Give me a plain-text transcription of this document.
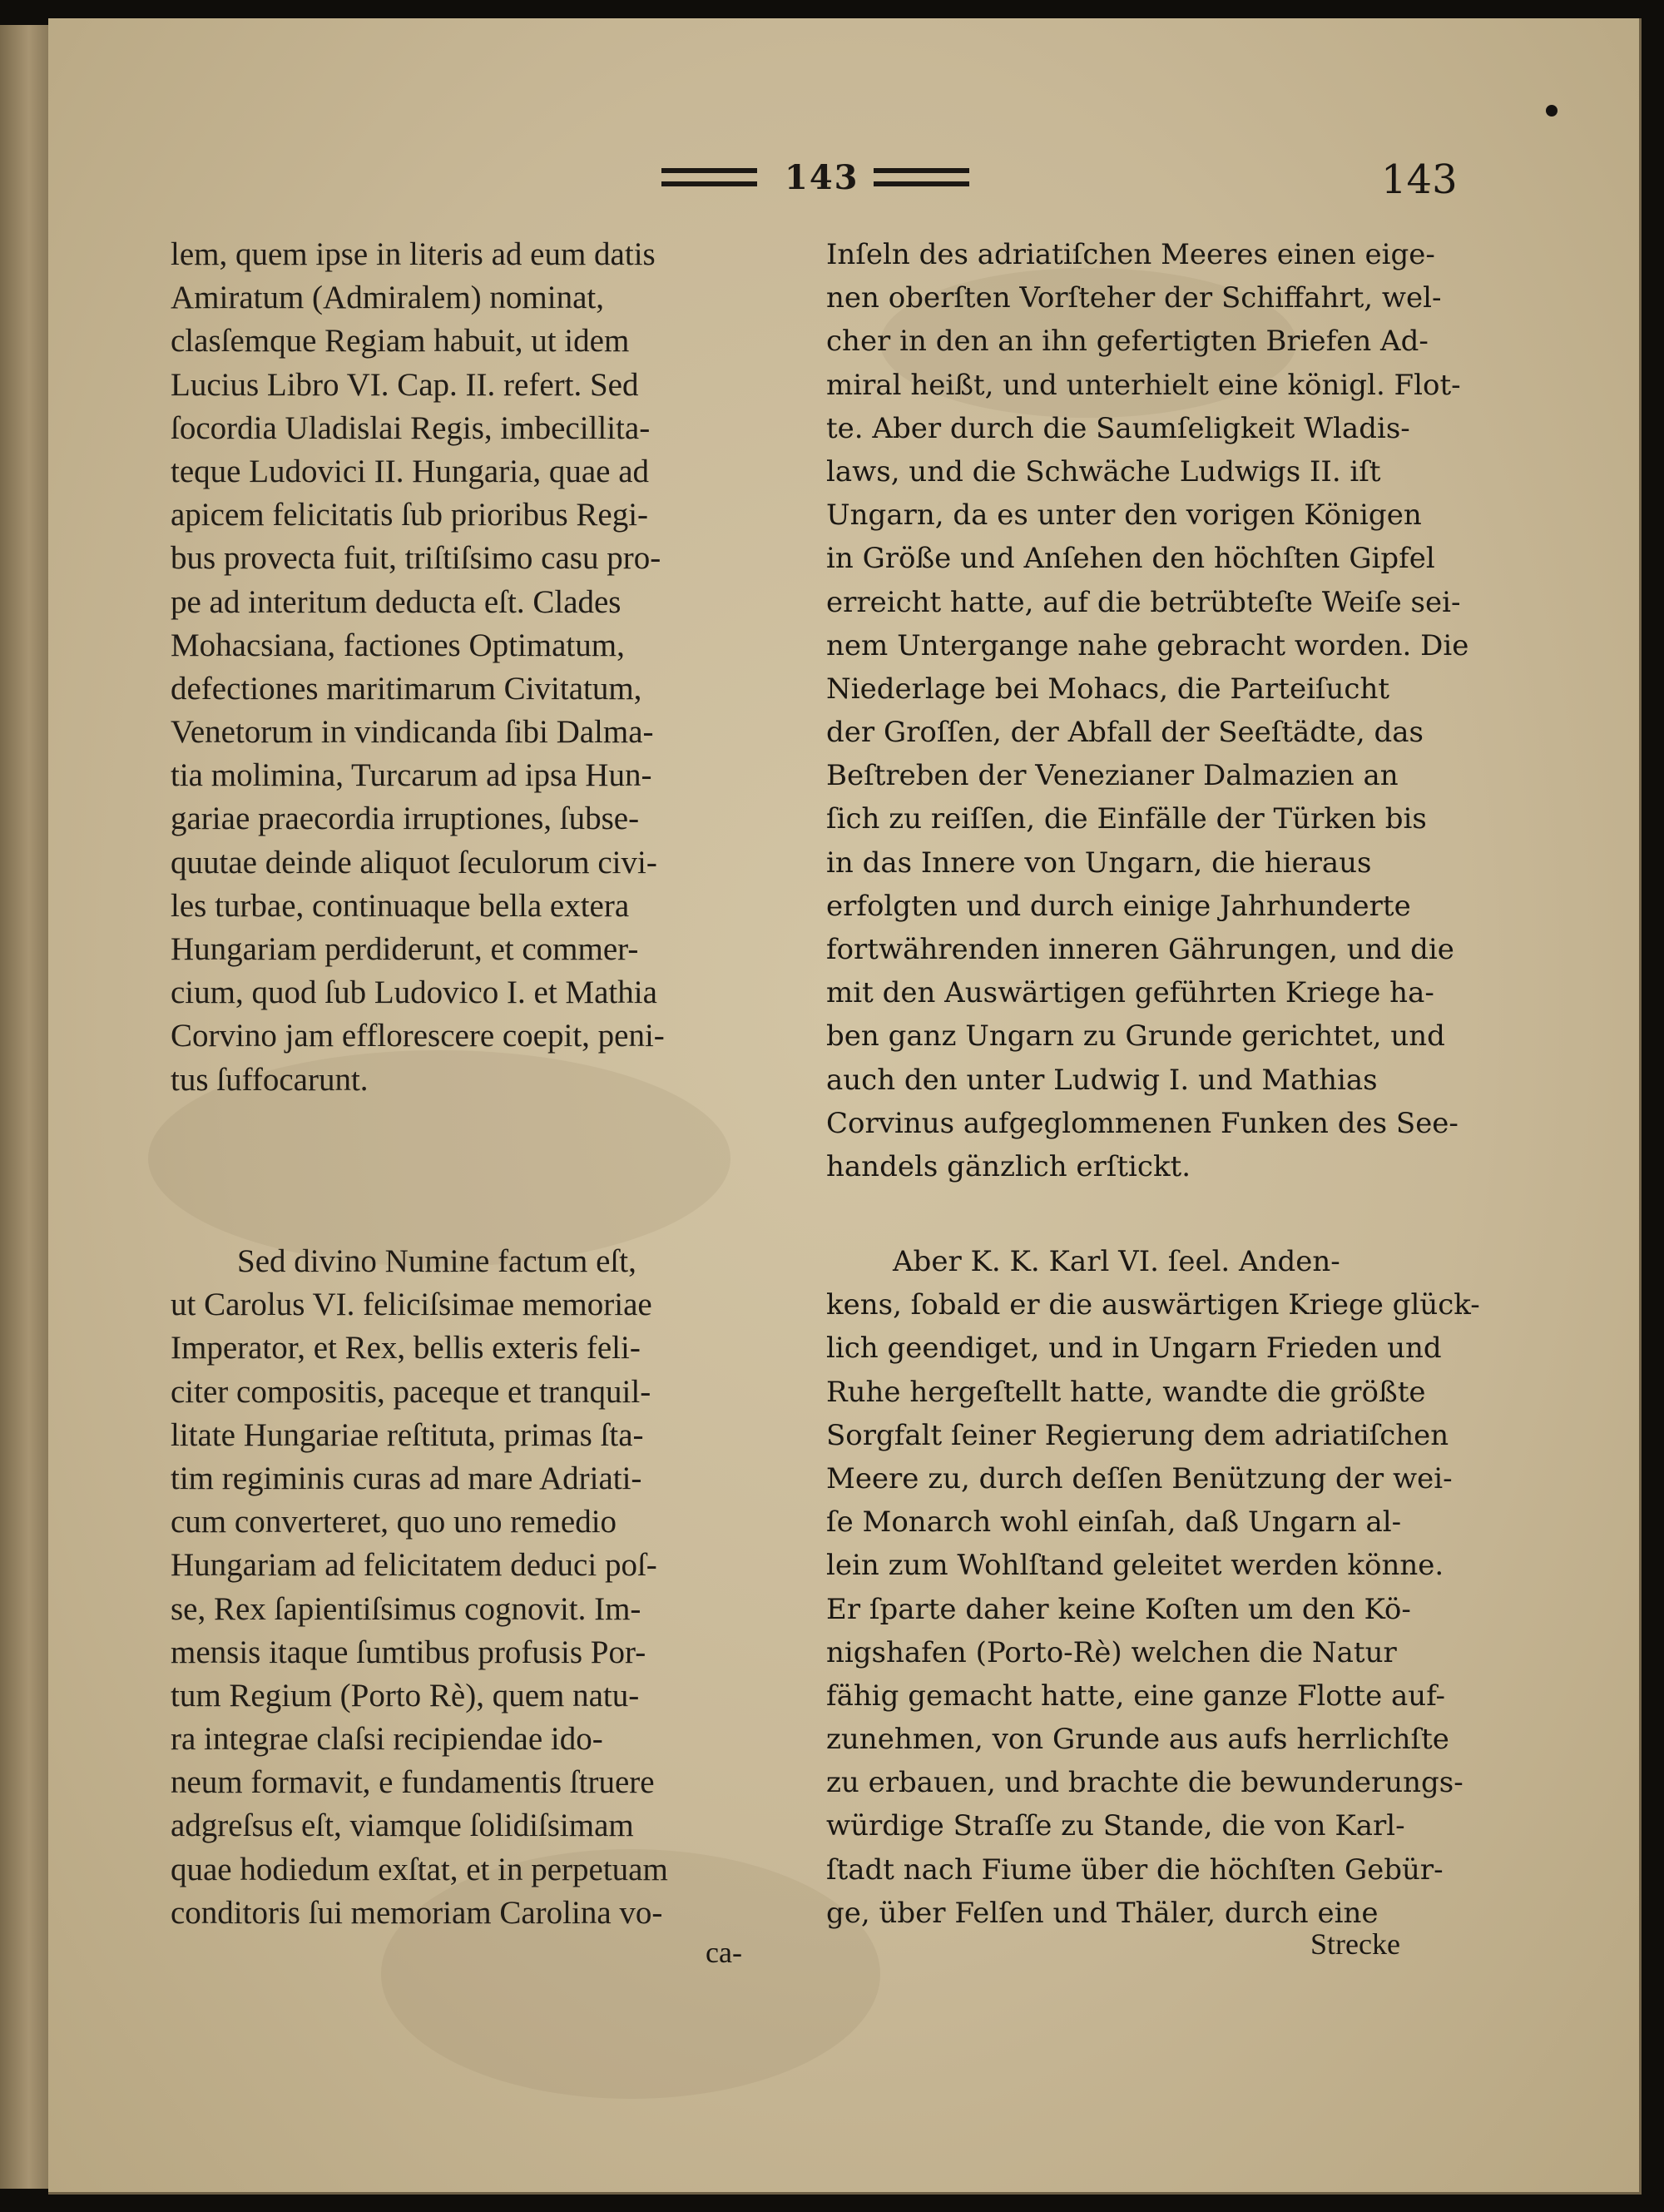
143	143
lem, quem ipse in literis ad eum datis
Amiratum (Admiralem) nominat,
clasſemque Regiam habuit, ut idem
Lucius Libro VI. Cap. II. refert. Sed
ſocordia Uladislai Regis, imbecillita-
teque Ludovici II. Hungaria, quae ad
apicem felicitatis ſub prioribus Regi-
bus provecta fuit, triſtiſsimo casu pro-
pe ad interitum deducta eſt. Clades
Mohacsiana, factiones Optimatum,
defectiones maritimarum Civitatum,
Venetorum in vindicanda ſibi Dalma-
tia molimina, Turcarum ad ipsa Hun-
gariae praecordia irruptiones, ſubse-
quutae deinde aliquot ſeculorum civi-
les turbae, continuaque bella extera
Hungariam perdiderunt, et commer-
cium, quod ſub Ludovico I. et Mathia
Corvino jam efflorescere coepit, peni-
tus ſuffocarunt.
Sed divino Numine factum eſt,
ut Carolus VI. feliciſsimae memoriae
Imperator, et Rex, bellis exteris feli-
citer compositis, paceque et tranquil-
litate Hungariae reſtituta, primas ſta-
tim regiminis curas ad mare Adriati-
cum converteret, quo uno remedio
Hungariam ad felicitatem deduci poſ-
se, Rex ſapientiſsimus cognovit. Im-
mensis itaque ſumtibus profusis Por-
tum Regium (Porto Rè), quem natu-
ra integrae claſsi recipiendae ido-
neum formavit, e fundamentis ſtruere
adgreſsus eſt, viamque ſolidiſsimam
quae hodiedum exſtat, et in perpetuam
conditoris ſui memoriam Carolina vo-
ca-
Inſeln des adriatiſchen Meeres einen eige-
nen oberſten Vorſteher der Schiffahrt, wel-
cher in den an ihn gefertigten Briefen Ad-
miral heißt, und unterhielt eine königl. Flot-
te. Aber durch die Saumſeligkeit Wladis-
laws, und die Schwäche Ludwigs II. iſt
Ungarn, da es unter den vorigen Königen
in Größe und Anſehen den höchſten Gipfel
erreicht hatte, auf die betrübteſte Weiſe sei-
nem Untergange nahe gebracht worden. Die
Niederlage bei Mohacs, die Parteiſucht
der Groſſen, der Abfall der Seeſtädte, das
Beſtreben der Venezianer Dalmazien an
ſich zu reiſſen, die Einfälle der Türken bis
in das Innere von Ungarn, die hieraus
erfolgten und durch einige Jahrhunderte
fortwährenden inneren Gährungen, und die
mit den Auswärtigen geführten Kriege ha-
ben ganz Ungarn zu Grunde gerichtet, und
auch den unter Ludwig I. und Mathias
Corvinus aufgeglommenen Funken des See-
handels gänzlich erſtickt.
Aber K. K. Karl VI. ſeel. Anden-
kens, ſobald er die auswärtigen Kriege glück-
lich geendiget, und in Ungarn Frieden und
Ruhe hergeſtellt hatte, wandte die größte
Sorgfalt ſeiner Regierung dem adriatiſchen
Meere zu, durch deſſen Benützung der wei-
ſe Monarch wohl einſah, daß Ungarn al-
lein zum Wohlſtand geleitet werden könne.
Er ſparte daher keine Koſten um den Kö-
nigshafen (Porto-Rè) welchen die Natur
fähig gemacht hatte, eine ganze Flotte auf-
zunehmen, von Grunde aus aufs herrlichſte
zu erbauen, und brachte die bewunderungs-
würdige Straſſe zu Stande, die von Karl-
ſtadt nach Fiume über die höchſten Gebür-
ge, über Felſen und Thäler, durch eine
Strecke
